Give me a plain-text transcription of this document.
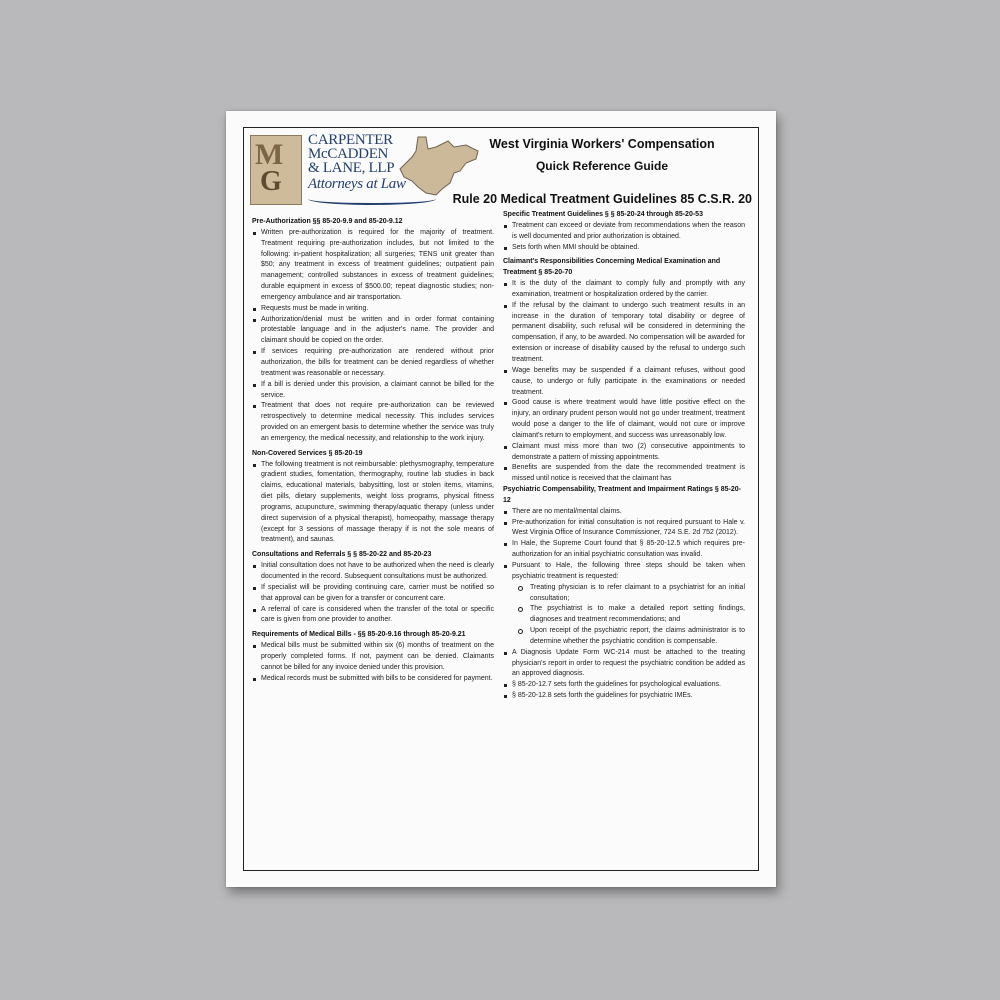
M
G
CARPENTER
McCADDEN
& LANE, LLP
Attorneys at Law
West Virginia Workers' Compensation
Quick Reference Guide
Rule 20 Medical Treatment Guidelines 85 C.S.R. 20
Pre-Authorization §§ 85-20-9.9 and 85-20-9.12
Written pre-authorization is required for the majority of treatment. Treatment requiring pre-authorization includes, but not limited to the following: in-patient hospitalization; all surgeries; TENS unit greater than $50; any treatment in excess of treatment guidelines; outpatient pain management; controlled substances in excess of treatment guidelines; durable equipment in excess of $500.00; repeat diagnostic studies; non-emergency ambulance and air transportation.
Requests must be made in writing.
Authorization/denial must be written and in order format containing protestable language and in the adjuster's name. The provider and claimant should be copied on the order.
If services requiring pre-authorization are rendered without prior authorization, the bills for treatment can be denied regardless of whether treatment was reasonable or necessary.
If a bill is denied under this provision, a claimant cannot be billed for the service.
Treatment that does not require pre-authorization can be reviewed retrospectively to determine medical necessity. This includes services provided on an emergent basis to determine whether the service was truly an emergency, the medical necessity, and relationship to the work injury.
Non-Covered Services § 85-20-19
The following treatment is not reimbursable: plethysmography, temperature gradient studies, fomentation, thermography, routine lab studies in back claims, educational materials, babysitting, lost or stolen items, vitamins, diet pills, dietary supplements, weight loss programs, physical fitness programs, acupuncture, swimming therapy/aquatic therapy (unless under direct supervision of a physical therapist), homeopathy, massage therapy (except for 3 sessions of massage therapy if is not the sole means of treatment), and saunas.
Consultations and Referrals § § 85-20-22 and 85-20-23
Initial consultation does not have to be authorized when the need is clearly documented in the record. Subsequent consultations must be authorized.
If specialist will be providing continuing care, carrier must be notified so that approval can be given for a transfer or concurrent care.
A referral of care is considered when the transfer of the total or specific care is given from one provider to another.
Requirements of Medical Bills - §§ 85-20-9.16 through 85-20-9.21
Medical bills must be submitted within six (6) months of treatment on the properly completed forms. If not, payment can be denied. Claimants cannot be billed for any invoice denied under this provision.
Medical records must be submitted with bills to be considered for payment.
Specific Treatment Guidelines § § 85-20-24 through 85-20-53
Treatment can exceed or deviate from recommendations when the reason is well documented and prior authorization is obtained.
Sets forth when MMI should be obtained.
Claimant's Responsibilities Concerning Medical Examination and Treatment § 85-20-70
It is the duty of the claimant to comply fully and promptly with any examination, treatment or hospitalization ordered by the carrier.
If the refusal by the claimant to undergo such treatment results in an increase in the duration of temporary total disability or degree of permanent disability, such refusal will be considered in determining the compensation, if any, to be awarded. No compensation will be awarded for extension or increase of disability caused by the refusal to undergo such treatment.
Wage benefits may be suspended if a claimant refuses, without good cause, to undergo or fully participate in the examinations or needed treatment.
Good cause is where treatment would have little positive effect on the injury, an ordinary prudent person would not go under treatment, treatment would pose a danger to the life of claimant, would not cure or improve claimant's return to employment, and success was unreasonably low.
Claimant must miss more than two (2) consecutive appointments to demonstrate a pattern of missing appointments.
Benefits are suspended from the date the recommended treatment is missed until notice is received that the claimant has
Psychiatric Compensability, Treatment and Impairment Ratings § 85-20-12
There are no mental/mental claims.
Pre-authorization for initial consultation is not required pursuant to Hale v. West Virginia Office of Insurance Commissioner, 724 S.E. 2d 752 (2012).
In Hale, the Supreme Court found that § 85-20-12.5 which requires pre-authorization for an initial psychiatric consultation was invalid.
Pursuant to Hale, the following three steps should be taken when psychiatric treatment is requested:
Treating physician is to refer claimant to a psychiatrist for an initial consultation;
The psychiatrist is to make a detailed report setting findings, diagnoses and treatment recommendations; and
Upon receipt of the psychiatric report, the claims administrator is to determine whether the psychiatric condition is compensable.
A Diagnosis Update Form WC-214 must be attached to the treating physician's report in order to request the psychiatric condition be added as an approved diagnosis.
§ 85-20-12.7 sets forth the guidelines for psychological evaluations.
§ 85-20-12.8 sets forth the guidelines for psychiatric IMEs.
